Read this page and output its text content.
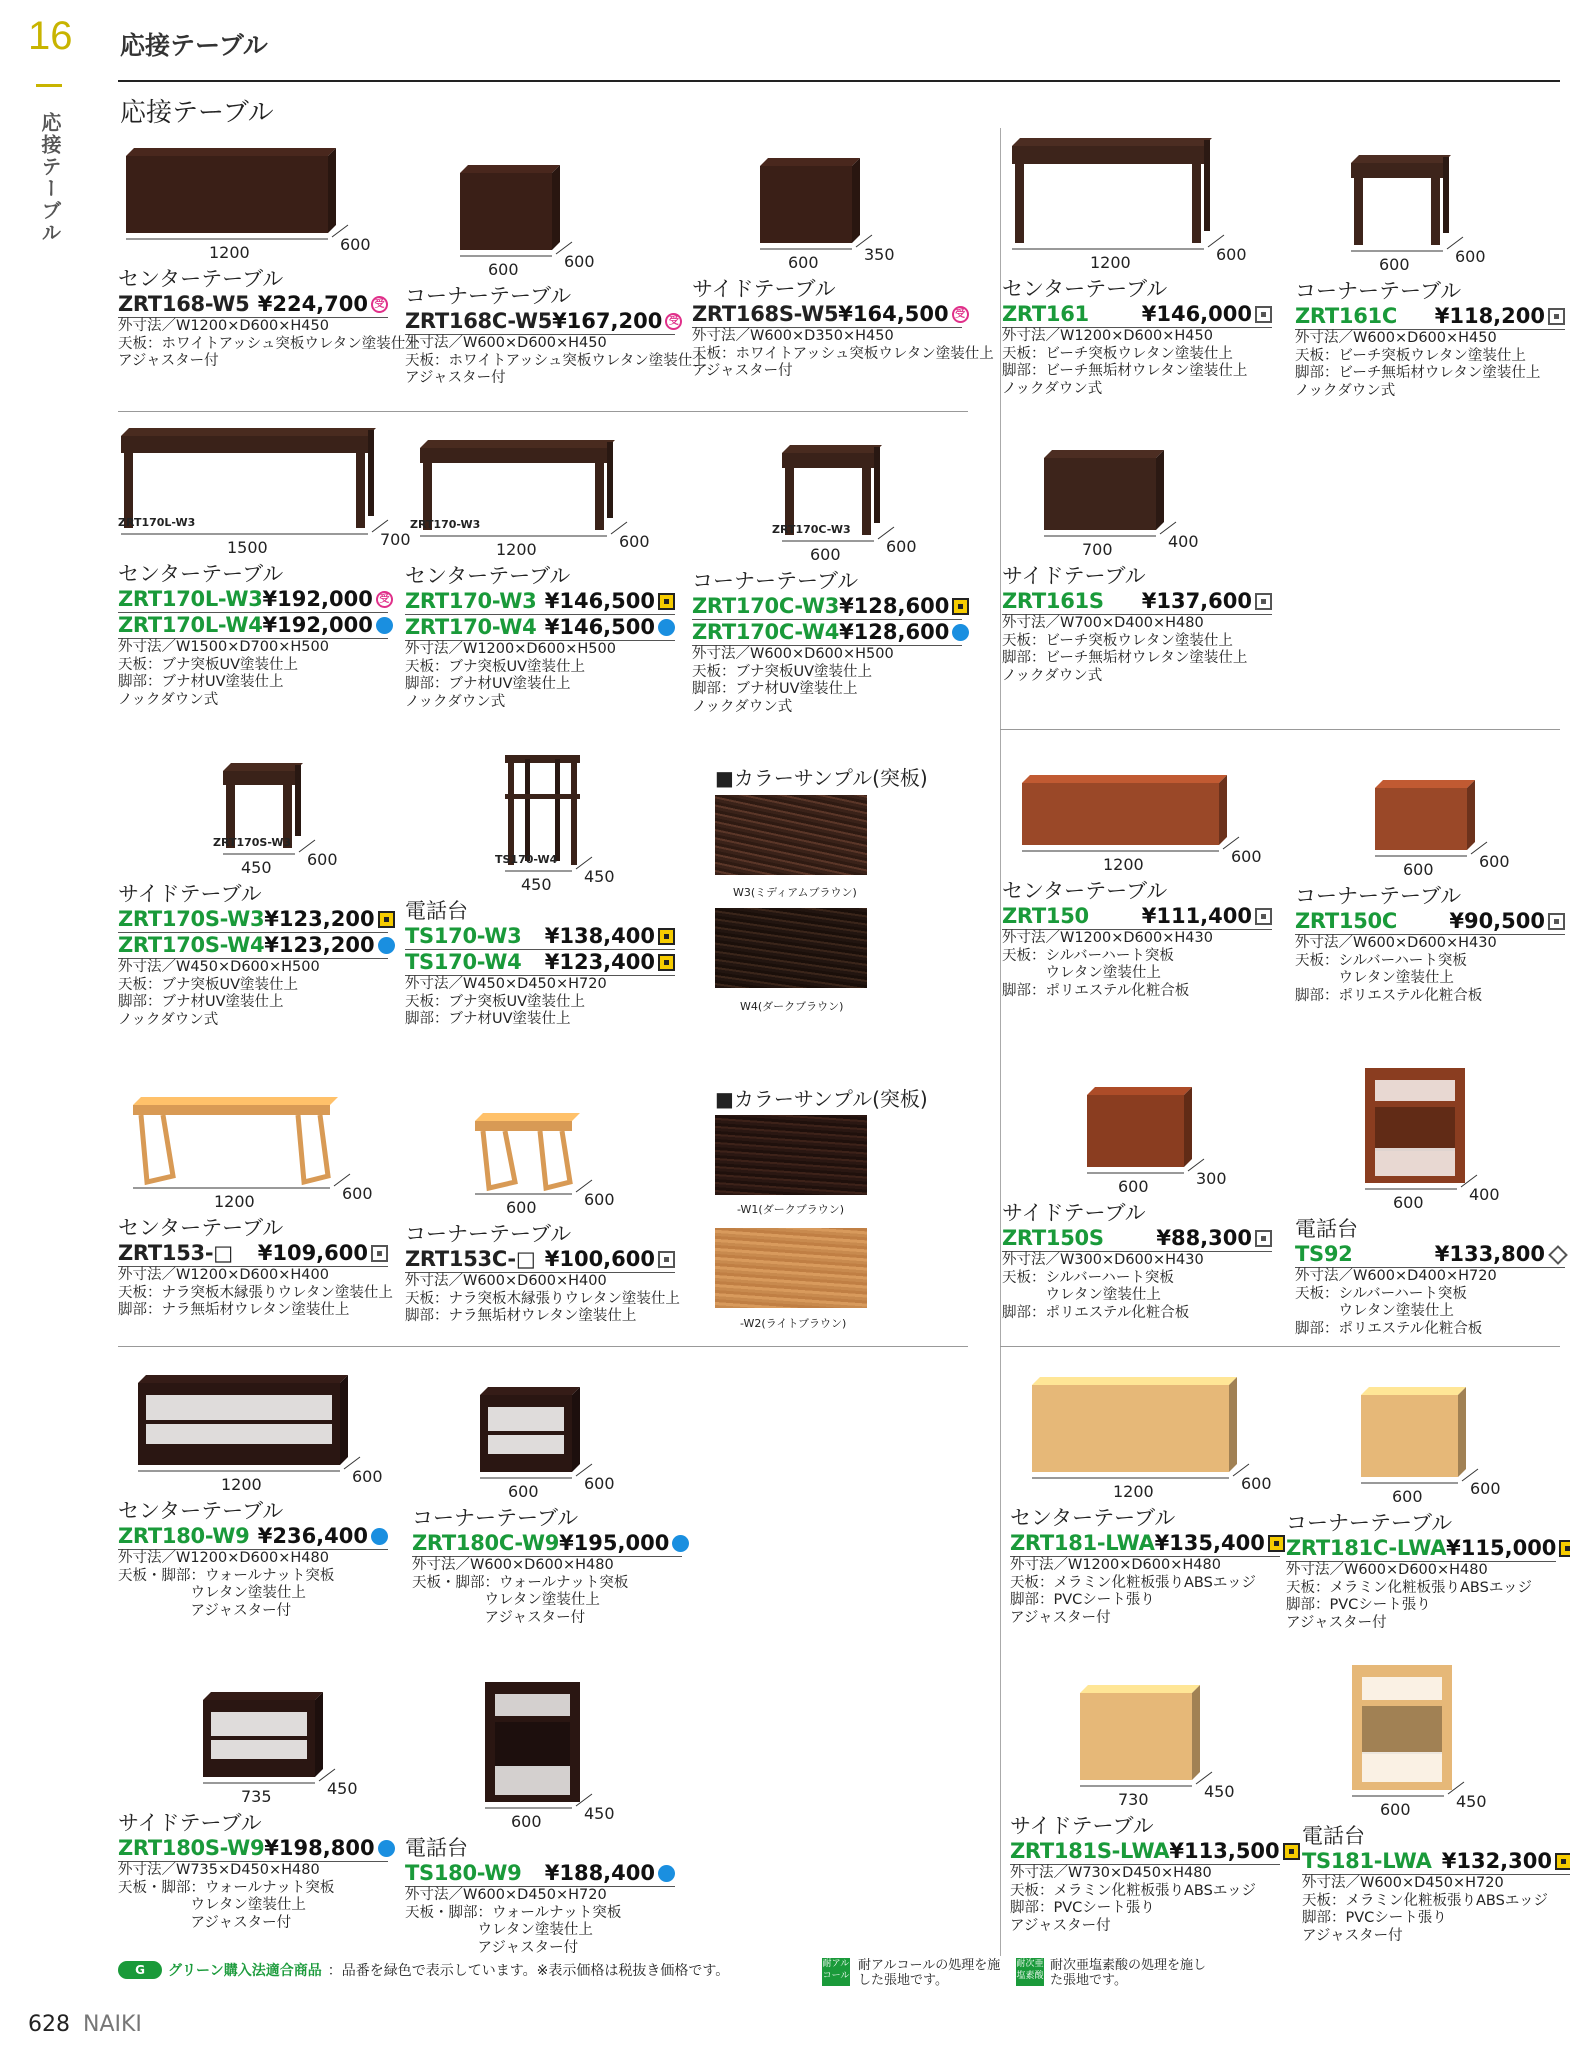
16
応接テーブル
応接テーブル
応接テーブル
1200	600
センターテーブル
ZRT168-W5 ¥224,700 受
外寸法／W1200×D600×H450
天板：ホワイトアッシュ突板ウレタン塗装仕上
アジャスター付
600	600
コーナーテーブル
ZRT168C-W5 ¥167,200 受
外寸法／W600×D600×H450
天板：ホワイトアッシュ突板ウレタン塗装仕上
アジャスター付
600	350
サイドテーブル
ZRT168S-W5 ¥164,500 受
外寸法／W600×D350×H450
天板：ホワイトアッシュ突板ウレタン塗装仕上
アジャスター付
1200	600
センターテーブル
ZRT161	¥146,000
外寸法／W1200×D600×H450
天板：ビーチ突板ウレタン塗装仕上
脚部：ビーチ無垢材ウレタン塗装仕上
ノックダウン式
600	600
コーナーテーブル
ZRT161C ¥118,200
外寸法／W600×D600×H450
天板：ビーチ突板ウレタン塗装仕上
脚部：ビーチ無垢材ウレタン塗装仕上
ノックダウン式
1500	700
ZRT170L-W3
センターテーブル
ZRT170L-W3 ¥192,000 受
ZRT170L-W4 ¥192,000
外寸法／W1500×D700×H500
天板：ブナ突板UV塗装仕上
脚部：ブナ材UV塗装仕上
ノックダウン式
1200	600
ZRT170-W3
センターテーブル
ZRT170-W3 ¥146,500
ZRT170-W4 ¥146,500
外寸法／W1200×D600×H500
天板：ブナ突板UV塗装仕上
脚部：ブナ材UV塗装仕上
ノックダウン式
600	600
ZRT170C-W3
コーナーテーブル
ZRT170C-W3 ¥128,600
ZRT170C-W4 ¥128,600
外寸法／W600×D600×H500
天板：ブナ突板UV塗装仕上
脚部：ブナ材UV塗装仕上
ノックダウン式
700	400
サイドテーブル
ZRT161S ¥137,600
外寸法／W700×D400×H480
天板：ビーチ突板ウレタン塗装仕上
脚部：ビーチ無垢材ウレタン塗装仕上
ノックダウン式
450 600
ZRT170S-W3
サイドテーブル
ZRT170S-W3 ¥123,200
ZRT170S-W4 ¥123,200
外寸法／W450×D600×H500
天板：ブナ突板UV塗装仕上
脚部：ブナ材UV塗装仕上
ノックダウン式
450 450
TS170-W4
電話台
TS170-W3 ¥138,400
TS170-W4 ¥123,400
外寸法／W450×D450×H720
天板：ブナ突板UV塗装仕上
脚部：ブナ材UV塗装仕上
1200	600
センターテーブル
ZRT150	¥111,400
外寸法／W1200×D600×H430
天板：シルバーハート突板
　　　ウレタン塗装仕上
脚部：ポリエステル化粧合板
600	600
コーナーテーブル
ZRT150C ¥90,500
外寸法／W600×D600×H430
天板：シルバーハート突板
　　　ウレタン塗装仕上
脚部：ポリエステル化粧合板
1200	600
センターテーブル
ZRT153-□ ¥109,600
外寸法／W1200×D600×H400
天板：ナラ突板木縁張りウレタン塗装仕上
脚部：ナラ無垢材ウレタン塗装仕上
600	600
コーナーテーブル
ZRT153C-□ ¥100,600
外寸法／W600×D600×H400
天板：ナラ突板木縁張りウレタン塗装仕上
脚部：ナラ無垢材ウレタン塗装仕上
600	300
サイドテーブル
ZRT150S	¥88,300
外寸法／W300×D600×H430
天板：シルバーハート突板
　　　ウレタン塗装仕上
脚部：ポリエステル化粧合板
600	400
電話台
TS92	¥133,800
外寸法／W600×D400×H720
天板：シルバーハート突板
　　　ウレタン塗装仕上
脚部：ポリエステル化粧合板
1200	600
センターテーブル
ZRT180-W9 ¥236,400
外寸法／W1200×D600×H480
天板・脚部：ウォールナット突板
　　　　　ウレタン塗装仕上
　　　　　アジャスター付
600	600
コーナーテーブル
ZRT180C-W9 ¥195,000
外寸法／W600×D600×H480
天板・脚部：ウォールナット突板
　　　　　ウレタン塗装仕上
　　　　　アジャスター付
1200	600
センターテーブル
ZRT181-LWA ¥135,400
外寸法／W1200×D600×H480
天板：メラミン化粧板張りABSエッジ
脚部：PVCシート張り
アジャスター付
600	600
コーナーテーブル
ZRT181C-LWA ¥115,000
外寸法／W600×D600×H480
天板：メラミン化粧板張りABSエッジ
脚部：PVCシート張り
アジャスター付
735	450
サイドテーブル
ZRT180S-W9 ¥198,800
外寸法／W735×D450×H480
天板・脚部：ウォールナット突板
　　　　　ウレタン塗装仕上
　　　　　アジャスター付
600	450
電話台
TS180-W9 ¥188,400
外寸法／W600×D450×H720
天板・脚部：ウォールナット突板
　　　　　ウレタン塗装仕上
　　　　　アジャスター付
730	450
サイドテーブル
ZRT181S-LWA ¥113,500
外寸法／W730×D450×H480
天板：メラミン化粧板張りABSエッジ
脚部：PVCシート張り
アジャスター付
600	450
電話台
TS181-LWA ¥132,300
外寸法／W600×D450×H720
天板：メラミン化粧板張りABSエッジ
脚部：PVCシート張り
アジャスター付
■カラーサンプル(突板)
W3(ミディアムブラウン)
W4(ダークブラウン)
■カラーサンプル(突板)
-W1(ダークブラウン)
-W2(ライトブラウン)
G	グリーン購入法適合商品 ：品番を緑色で表示しています。※表示価格は税抜き価格です。	耐アル コール
耐アルコールの処理を施した張地です。
耐次亜 塩素酸
耐次亜塩素酸の処理を施した張地です。
628 NAIKI
